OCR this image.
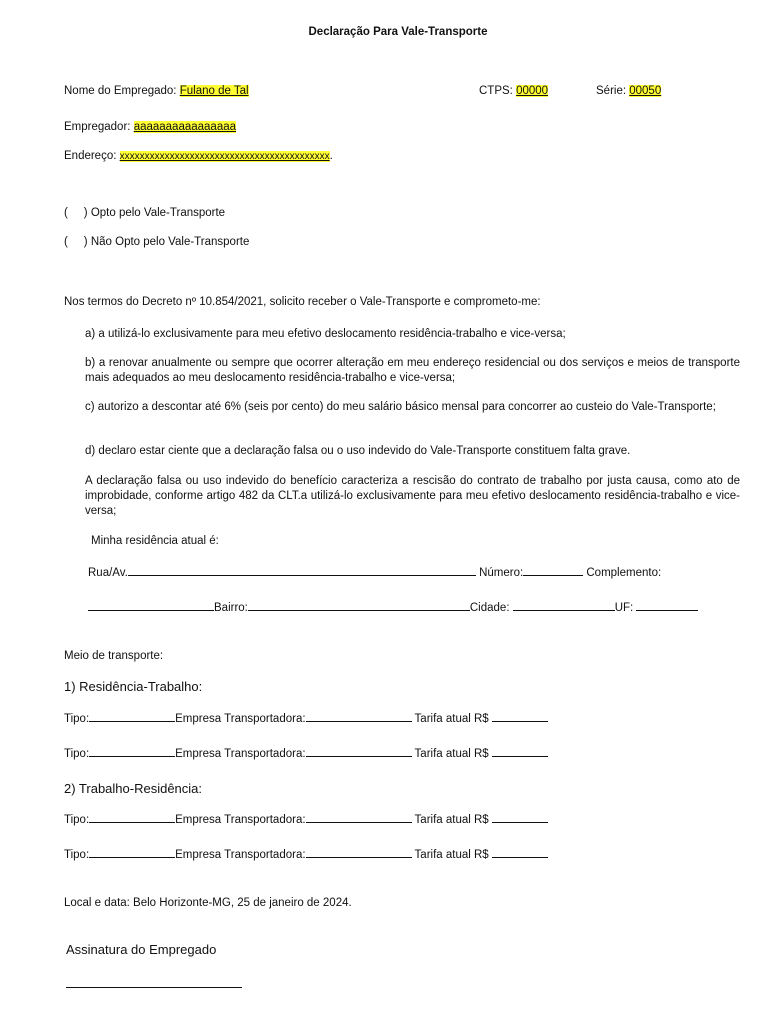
Declaração Para Vale-Transporte
Nome do Empregado: Fulano de Tal	CTPS: 00000	Série: 00050
Empregador: aaaaaaaaaaaaaaaa
Endereço: xxxxxxxxxxxxxxxxxxxxxxxxxxxxxxxxxxxxxxxxxx.
(     ) Opto pelo Vale-Transporte
(     ) Não Opto pelo Vale-Transporte
Nos termos do Decreto nº 10.854/2021, solicito receber o Vale-Transporte e comprometo-me:
a) a utilizá-lo exclusivamente para meu efetivo deslocamento residência-trabalho e vice-versa;
b) a renovar anualmente ou sempre que ocorrer alteração em meu endereço residencial ou dos serviços e meios de transporte mais adequados ao meu deslocamento residência-trabalho e vice-versa;
c) autorizo a descontar até 6% (seis por cento) do meu salário básico mensal para concorrer ao custeio do Vale-Transporte;
d) declaro estar ciente que a declaração falsa ou o uso indevido do Vale-Transporte constituem falta grave.
A declaração falsa ou uso indevido do benefício caracteriza a rescisão do contrato de trabalho por justa causa, como ato de improbidade, conforme artigo 482 da CLT.a utilizá-lo exclusivamente para meu efetivo deslocamento residência-trabalho e vice-versa;
Minha residência atual é:
Rua/Av.	Número:	Complemento:
Bairro:	Cidade:	UF:
Meio de transporte:
1) Residência-Trabalho:
Tipo:	Empresa Transportadora:	Tarifa atual R$
Tipo:	Empresa Transportadora:	Tarifa atual R$
2) Trabalho-Residência:
Tipo:	Empresa Transportadora:	Tarifa atual R$
Tipo:	Empresa Transportadora:	Tarifa atual R$
Local e data: Belo Horizonte-MG, 25 de janeiro de 2024.
Assinatura do Empregado
